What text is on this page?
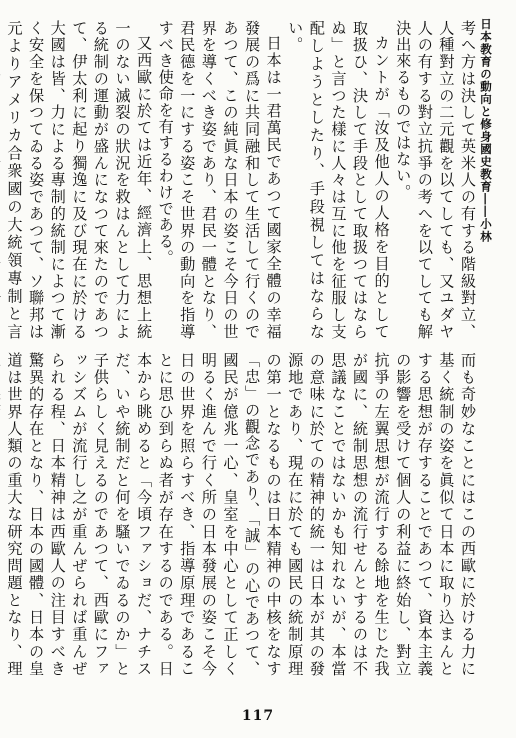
日本教育の動向と修身國史教育――小林

考へ方は決して英米人の有する階級對立、人種對立の二元觀を以てしても、又ユダヤ人の有する對立抗爭の考へを以てしても解決出來るものではない。

カントが「汝及他人の人格を目的として取扱ひ、決して手段として取扱つてはならぬ」と言つた樣に人々は互に他を征服し支配しようとしたり、手段視してはならない。

日本は一君萬民であつて國家全體の幸福發展の爲に共同融和して生活して行くのであつて、この純眞な日本の姿こそ今日の世界を導くべき姿であり、君民一體となり、君民德を一にする姿こそ世界の動向を指導すべき使命を有するわけである。

又西歐に於ては近年、經濟上、思想上統一のない滅裂の狀況を救はんとして力による統制の運動が盛んになつて來たのであつて、伊太利に起り獨逸に及び現在に於ける大國は皆、力による專制的統制によつて漸く安全を保つてゐる姿であつて、ソ聯邦は元よりアメリカ合衆國の大統領專制と言

而も奇妙なことにはこの西歐に於ける力に基く統制の姿を眞似て日本に取り込まんとする思想が存することであつて、資本主義の影響を受けて個人の利益に終始し、對立抗爭の左翼思想が流行する餘地を生じた我が國に、統制思想の流行せんとするのは不思議なことではないかも知れないが、本當の意味に於ての精神的統一は日本が其の發源地であり、現在に於ても國民の統制原理の第一となるものは日本精神の中核をなす「忠」の觀念であり、「誠」の心であつて、國民が億兆一心、皇室を中心として正しく明るく進んで行く所の日本發展の姿こそ今日の世界を照らすべき、指導原理であることに思ひ到らぬ者が存在するのである。日本から眺めると「今頃ファショだ、ナチスだ、いや統制だと何を騷いでゐるのか」と子供らしく見えるのであつて、西歐にファッシズムが流行し之が重んぜられば重んぜられる程、日本精神は西歐人の注目すべき驚異的存在となり、日本の國體、日本の皇道は世界人類の重大な研究問題となり、理

117
